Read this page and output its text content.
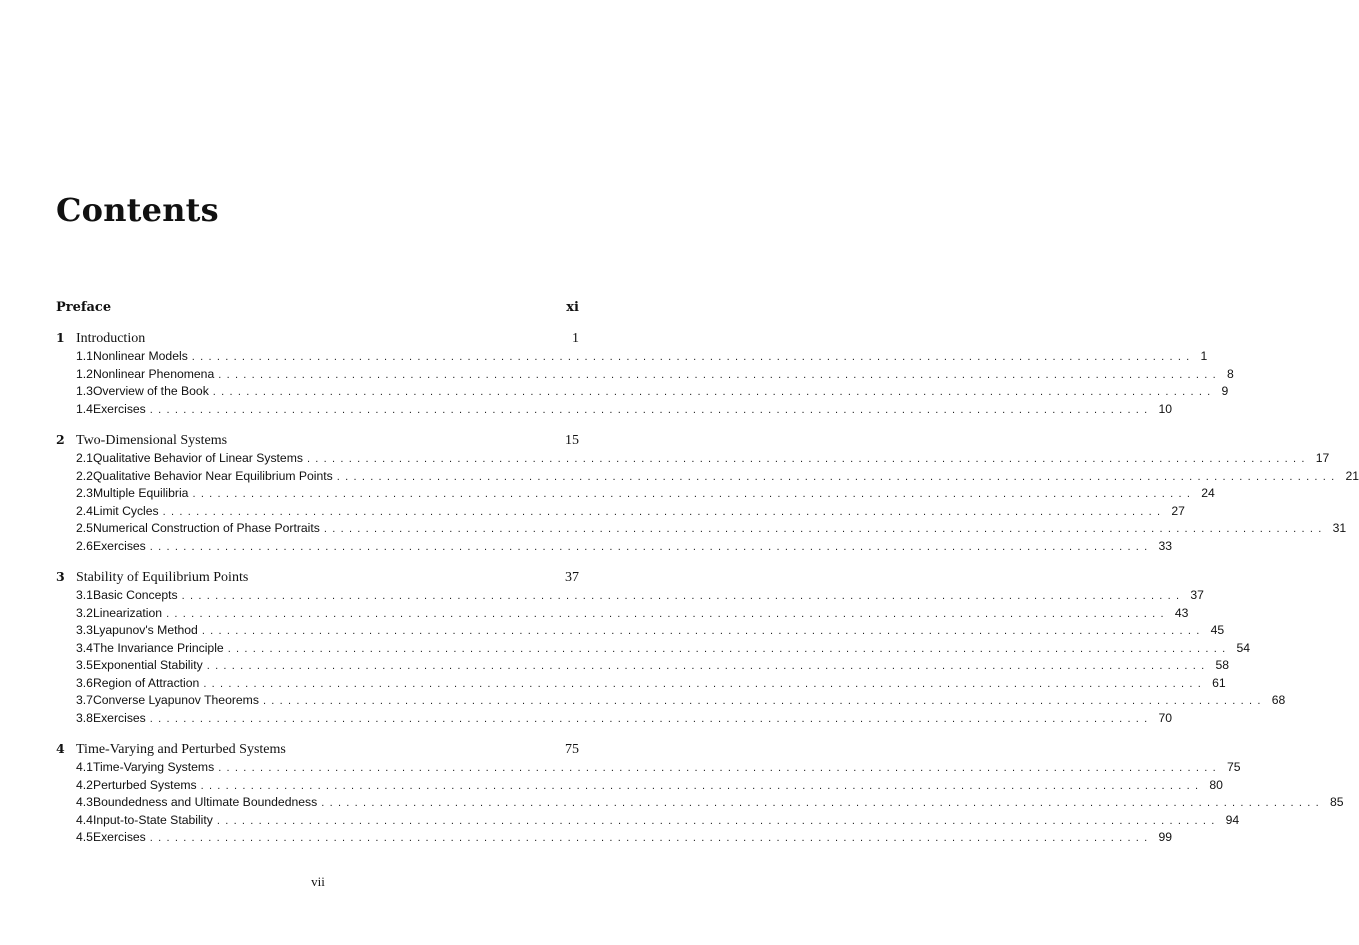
Contents
Preface	xi
1 Introduction	1
1.1 Nonlinear Models ........................................................................................................................ 1
1.2 Nonlinear Phenomena ........................................................................................................................ 8
1.3 Overview of the Book ........................................................................................................................ 9
1.4 Exercises ........................................................................................................................ 10
2 Two-Dimensional Systems	15
2.1 Qualitative Behavior of Linear Systems ........................................................................................................................ 17
2.2 Qualitative Behavior Near Equilibrium Points ........................................................................................................................ 21
2.3 Multiple Equilibria ........................................................................................................................ 24
2.4 Limit Cycles ........................................................................................................................ 27
2.5 Numerical Construction of Phase Portraits ........................................................................................................................ 31
2.6 Exercises ........................................................................................................................ 33
3 Stability of Equilibrium Points	37
3.1 Basic Concepts ........................................................................................................................ 37
3.2 Linearization ........................................................................................................................ 43
3.3 Lyapunov's Method ........................................................................................................................ 45
3.4 The Invariance Principle ........................................................................................................................ 54
3.5 Exponential Stability ........................................................................................................................ 58
3.6 Region of Attraction ........................................................................................................................ 61
3.7 Converse Lyapunov Theorems ........................................................................................................................ 68
3.8 Exercises ........................................................................................................................ 70
4 Time-Varying and Perturbed Systems	75
4.1 Time-Varying Systems ........................................................................................................................ 75
4.2 Perturbed Systems ........................................................................................................................ 80
4.3 Boundedness and Ultimate Boundedness ........................................................................................................................ 85
4.4 Input-to-State Stability ........................................................................................................................ 94
4.5 Exercises ........................................................................................................................ 99
vii
